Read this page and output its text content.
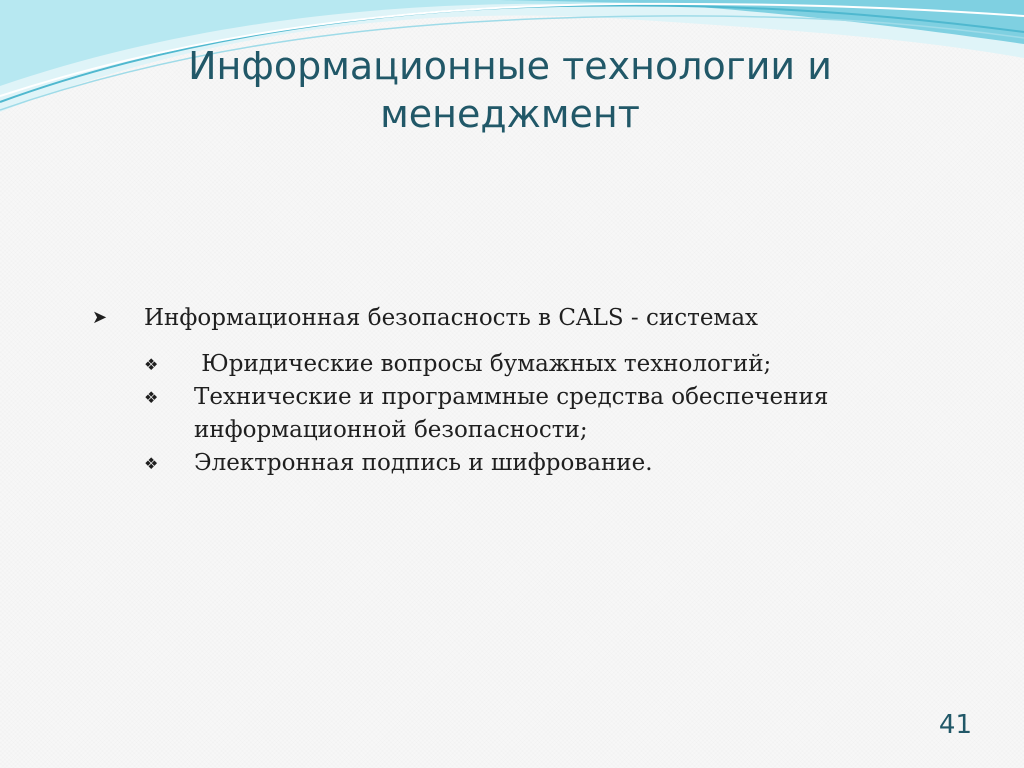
Информационные технологии и
менеджмент
➤	Информационная безопасность в CALS - системах
❖	Юридические вопросы бумажных технологий;
❖	Технические и программные средства обеспечения информационной безопасности;
❖	Электронная подпись и шифрование.
41
